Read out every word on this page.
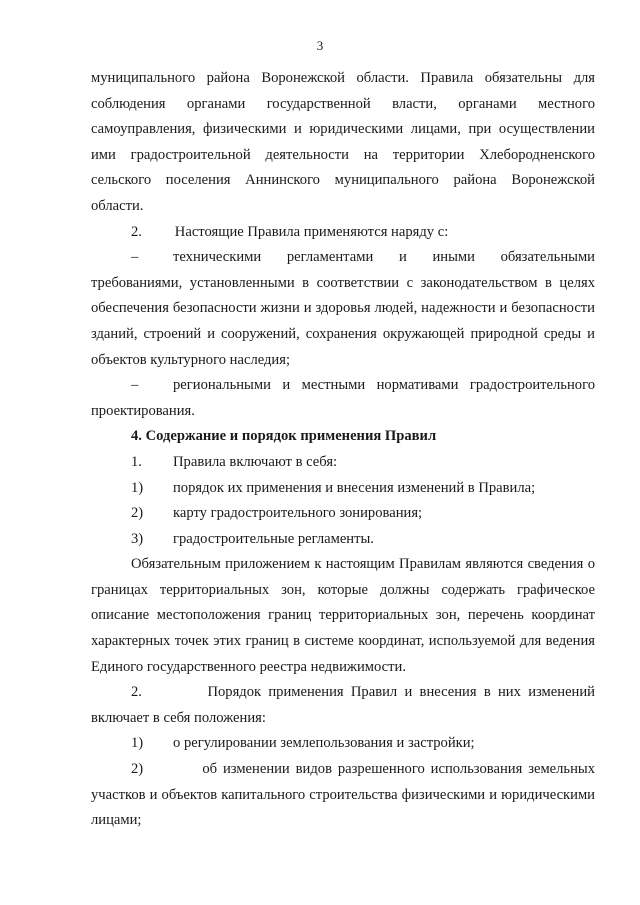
3

муниципального района Воронежской области. Правила обязательны для соблюдения органами государственной власти, органами местного самоуправления, физическими и юридическими лицами, при осуществлении ими градостроительной деятельности на территории Хлебородненского сельского поселения Аннинского муниципального района Воронежской области.

2. Настоящие Правила применяются наряду с:

– техническими регламентами и иными обязательными требованиями, установленными в соответствии с законодательством в целях обеспечения безопасности жизни и здоровья людей, надежности и безопасности зданий, строений и сооружений, сохранения окружающей природной среды и объектов культурного наследия;

– региональными и местными нормативами градостроительного проектирования.

4. Содержание и порядок применения Правил

1.	Правила включают в себя:
1)	порядок их применения и внесения изменений в Правила;
2)	карту градостроительного зонирования;
3)	градостроительные регламенты.

Обязательным приложением к настоящим Правилам являются сведения о границах территориальных зон, которые должны содержать графическое описание местоположения границ территориальных зон, перечень координат характерных точек этих границ в системе координат, используемой для ведения Единого государственного реестра недвижимости.

2.	Порядок применения Правил и внесения в них изменений включает в себя положения:

1)	о регулировании землепользования и застройки;

2)	об изменении видов разрешенного использования земельных участков и объектов капитального строительства физическими и юридическими лицами;
